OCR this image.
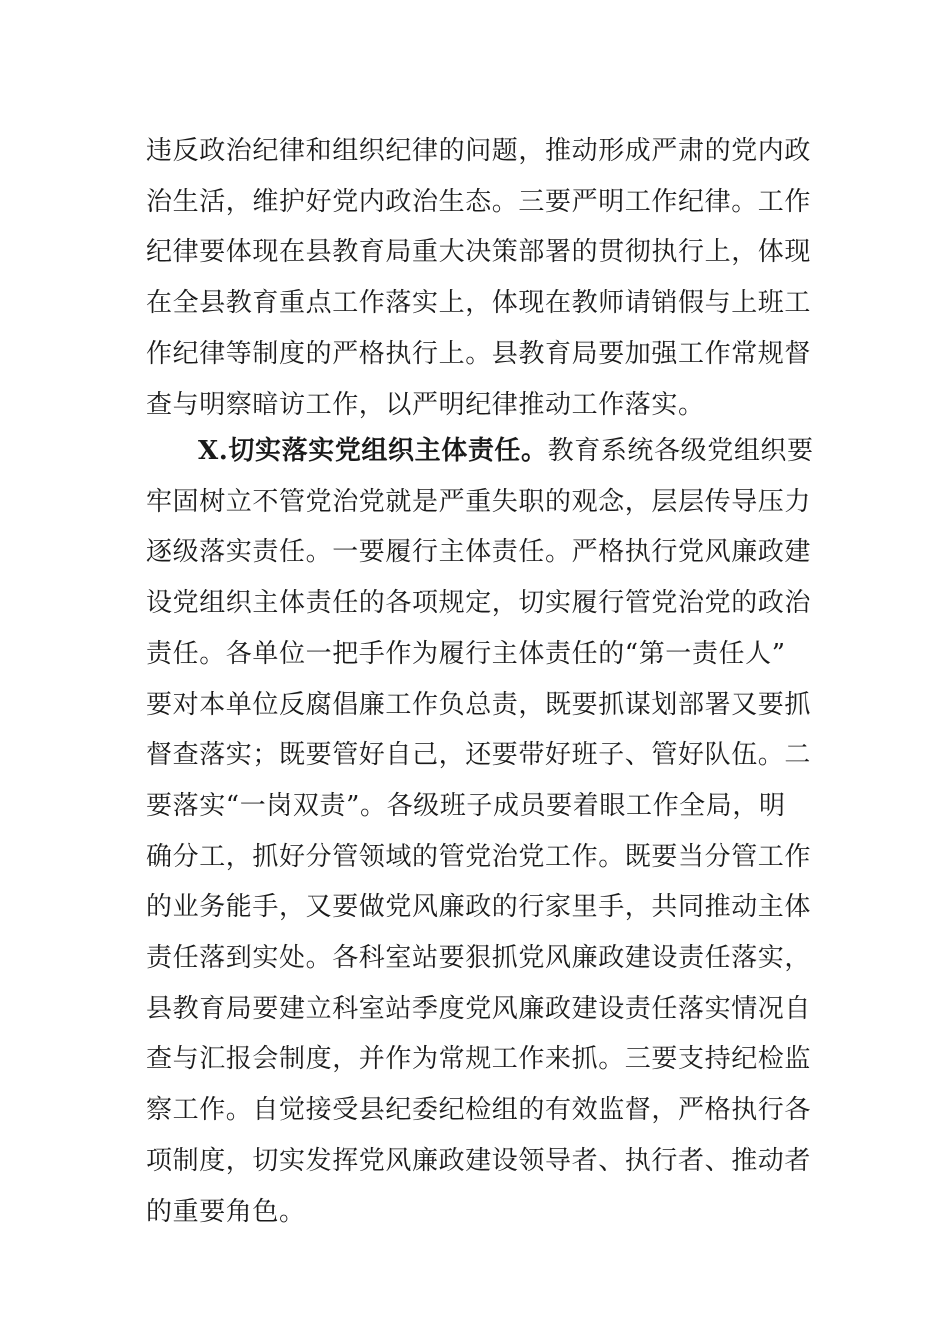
违反政治纪律和组织纪律的问题，推动形成严肃的党内政
治生活，维护好党内政治生态。三要严明工作纪律。工作
纪律要体现在县教育局重大决策部署的贯彻执行上，体现
在全县教育重点工作落实上，体现在教师请销假与上班工
作纪律等制度的严格执行上。县教育局要加强工作常规督
查与明察暗访工作，以严明纪律推动工作落实。
X.切实落实党组织主体责任。教育系统各级党组织要
牢固树立不管党治党就是严重失职的观念，层层传导压力
逐级落实责任。一要履行主体责任。严格执行党风廉政建
设党组织主体责任的各项规定，切实履行管党治党的政治
责任。各单位一把手作为履行主体责任的“第一责任人”
要对本单位反腐倡廉工作负总责，既要抓谋划部署又要抓
督查落实；既要管好自己，还要带好班子、管好队伍。二
要落实“一岗双责”。各级班子成员要着眼工作全局，明
确分工，抓好分管领域的管党治党工作。既要当分管工作
的业务能手，又要做党风廉政的行家里手，共同推动主体
责任落到实处。各科室站要狠抓党风廉政建设责任落实，
县教育局要建立科室站季度党风廉政建设责任落实情况自
查与汇报会制度，并作为常规工作来抓。三要支持纪检监
察工作。自觉接受县纪委纪检组的有效监督，严格执行各
项制度，切实发挥党风廉政建设领导者、执行者、推动者
的重要角色。
